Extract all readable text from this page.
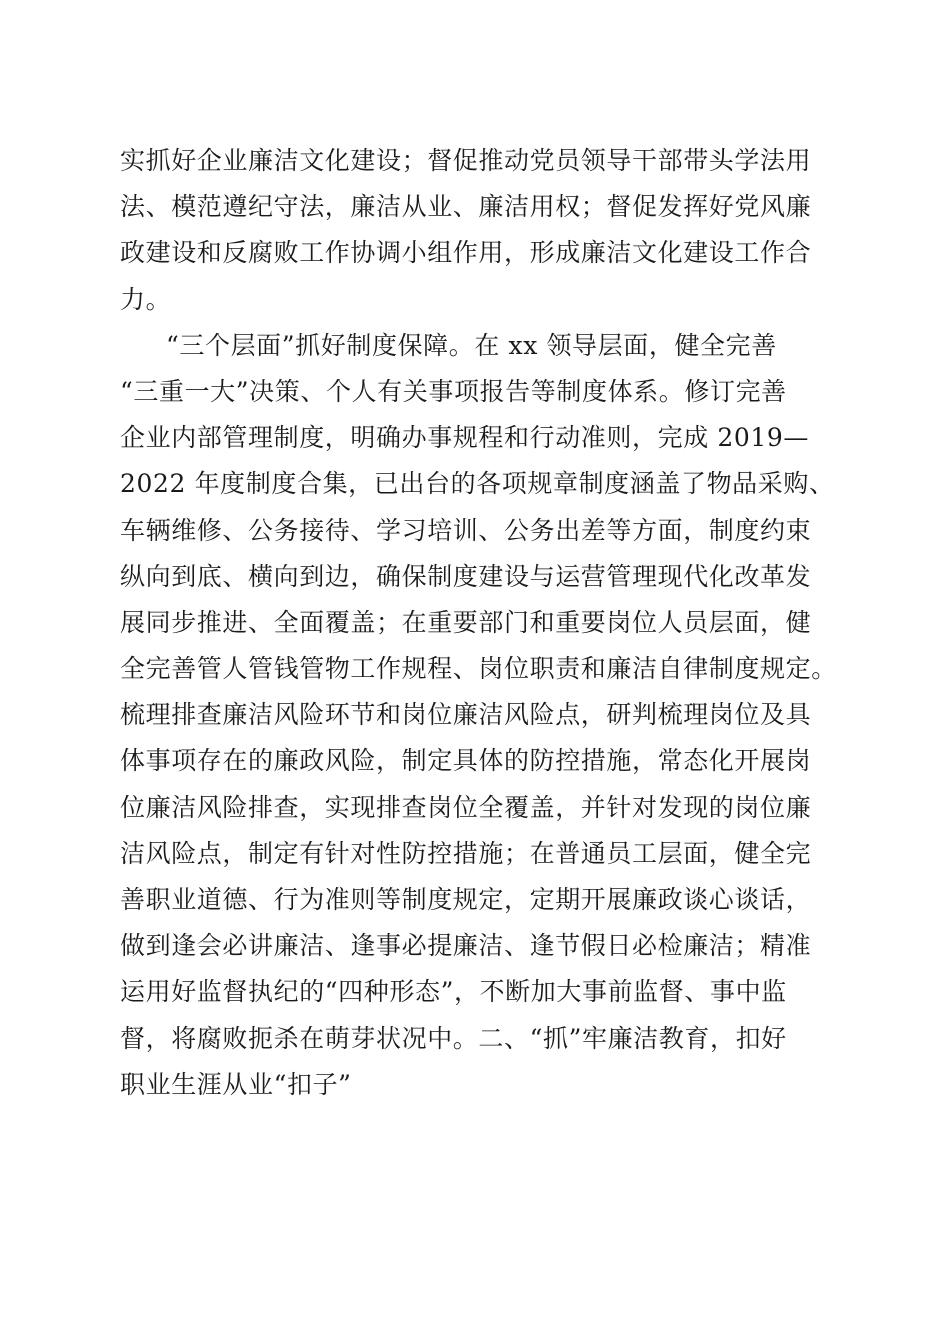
实抓好企业廉洁文化建设；督促推动党员领导干部带头学法用
法、模范遵纪守法，廉洁从业、廉洁用权；督促发挥好党风廉
政建设和反腐败工作协调小组作用，形成廉洁文化建设工作合
力。
“三个层面”抓好制度保障。在 xx 领导层面，健全完善
“三重一大”决策、个人有关事项报告等制度体系。修订完善
企业内部管理制度，明确办事规程和行动准则，完成 2019—
2022 年度制度合集，已出台的各项规章制度涵盖了物品采购、
车辆维修、公务接待、学习培训、公务出差等方面，制度约束
纵向到底、横向到边，确保制度建设与运营管理现代化改革发
展同步推进、全面覆盖；在重要部门和重要岗位人员层面，健
全完善管人管钱管物工作规程、岗位职责和廉洁自律制度规定。
梳理排查廉洁风险环节和岗位廉洁风险点，研判梳理岗位及具
体事项存在的廉政风险，制定具体的防控措施，常态化开展岗
位廉洁风险排查，实现排查岗位全覆盖，并针对发现的岗位廉
洁风险点，制定有针对性防控措施；在普通员工层面，健全完
善职业道德、行为准则等制度规定，定期开展廉政谈心谈话，
做到逢会必讲廉洁、逢事必提廉洁、逢节假日必检廉洁；精准
运用好监督执纪的“四种形态”，不断加大事前监督、事中监
督，将腐败扼杀在萌芽状况中。二、“抓”牢廉洁教育，扣好
职业生涯从业“扣子”
